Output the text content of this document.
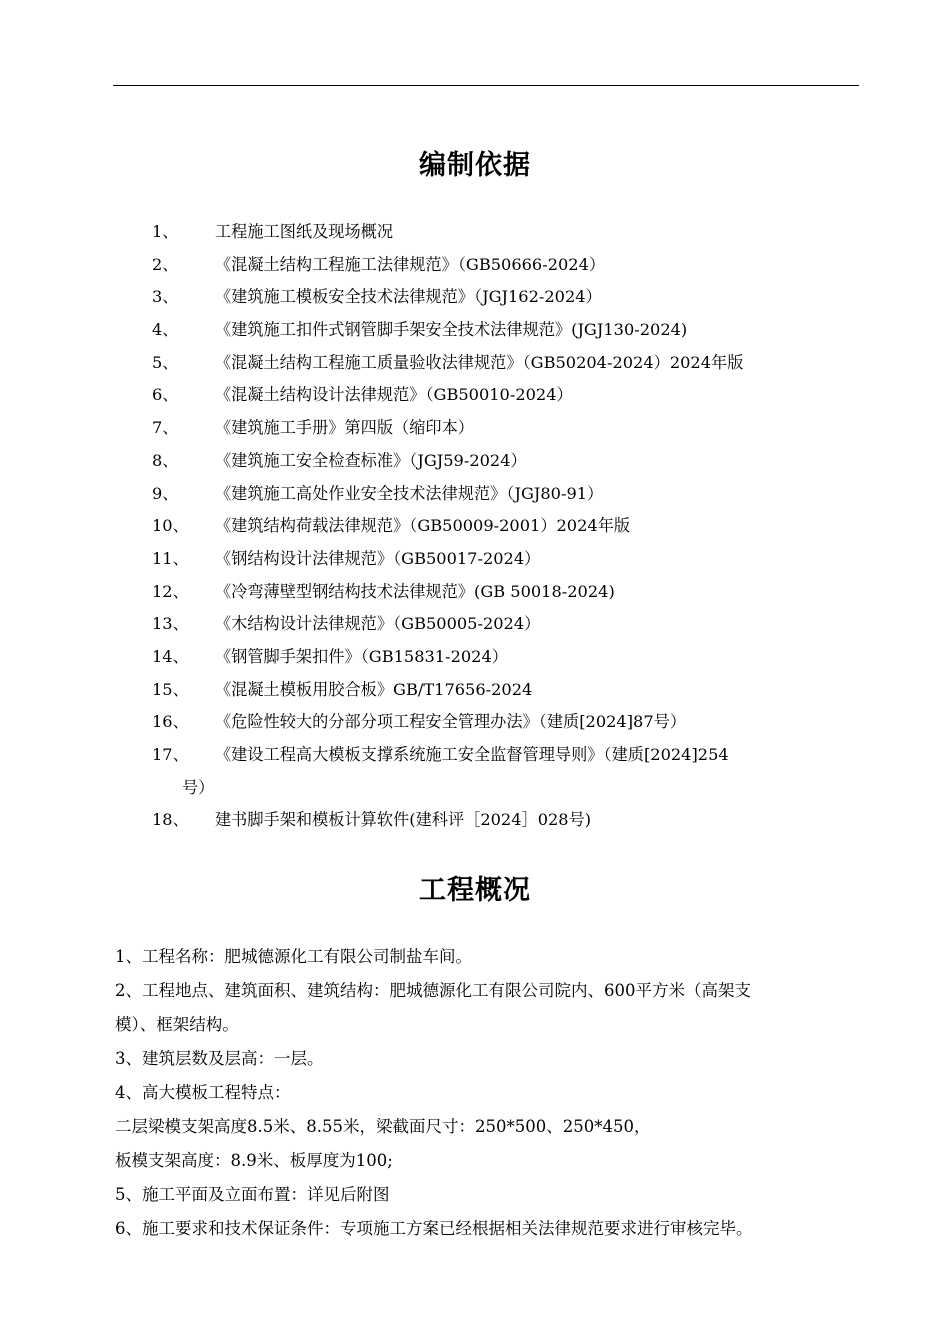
编制依据
1、 工程施工图纸及现场概况
2、 《混凝土结构工程施工法律规范》（GB50666-2024）
3、 《建筑施工模板安全技术法律规范》（JGJ162-2024）
4、 《建筑施工扣件式钢管脚手架安全技术法律规范》(JGJ130-2024)
5、 《混凝土结构工程施工质量验收法律规范》（GB50204-2024）2024年版
6、 《混凝土结构设计法律规范》（GB50010-2024）
7、 《建筑施工手册》第四版（缩印本）
8、 《建筑施工安全检查标准》（JGJ59-2024）
9、 《建筑施工高处作业安全技术法律规范》（JGJ80-91）
10、 《建筑结构荷载法律规范》（GB50009-2001）2024年版
11、 《钢结构设计法律规范》（GB50017-2024）
12、 《冷弯薄壁型钢结构技术法律规范》(GB 50018-2024)
13、 《木结构设计法律规范》（GB50005-2024）
14、 《钢管脚手架扣件》（GB15831-2024）
15、 《混凝土模板用胶合板》GB/T17656-2024
16、 《危险性较大的分部分项工程安全管理办法》（建质[2024]87号）
17、 《建设工程高大模板支撑系统施工安全监督管理导则》（建质[2024]254
号）
18、 建书脚手架和模板计算软件(建科评［2024］028号)
工程概况
1、工程名称：肥城德源化工有限公司制盐车间。
2、工程地点、建筑面积、建筑结构：肥城德源化工有限公司院内、600平方米（高架支
模）、框架结构。
3、建筑层数及层高：一层。
4、高大模板工程特点：
二层梁模支架高度8.5米、8.55米，梁截面尺寸：250*500、250*450，
板模支架高度：8.9米、板厚度为100;
5、施工平面及立面布置：详见后附图
6、施工要求和技术保证条件：专项施工方案已经根据相关法律规范要求进行审核完毕。
